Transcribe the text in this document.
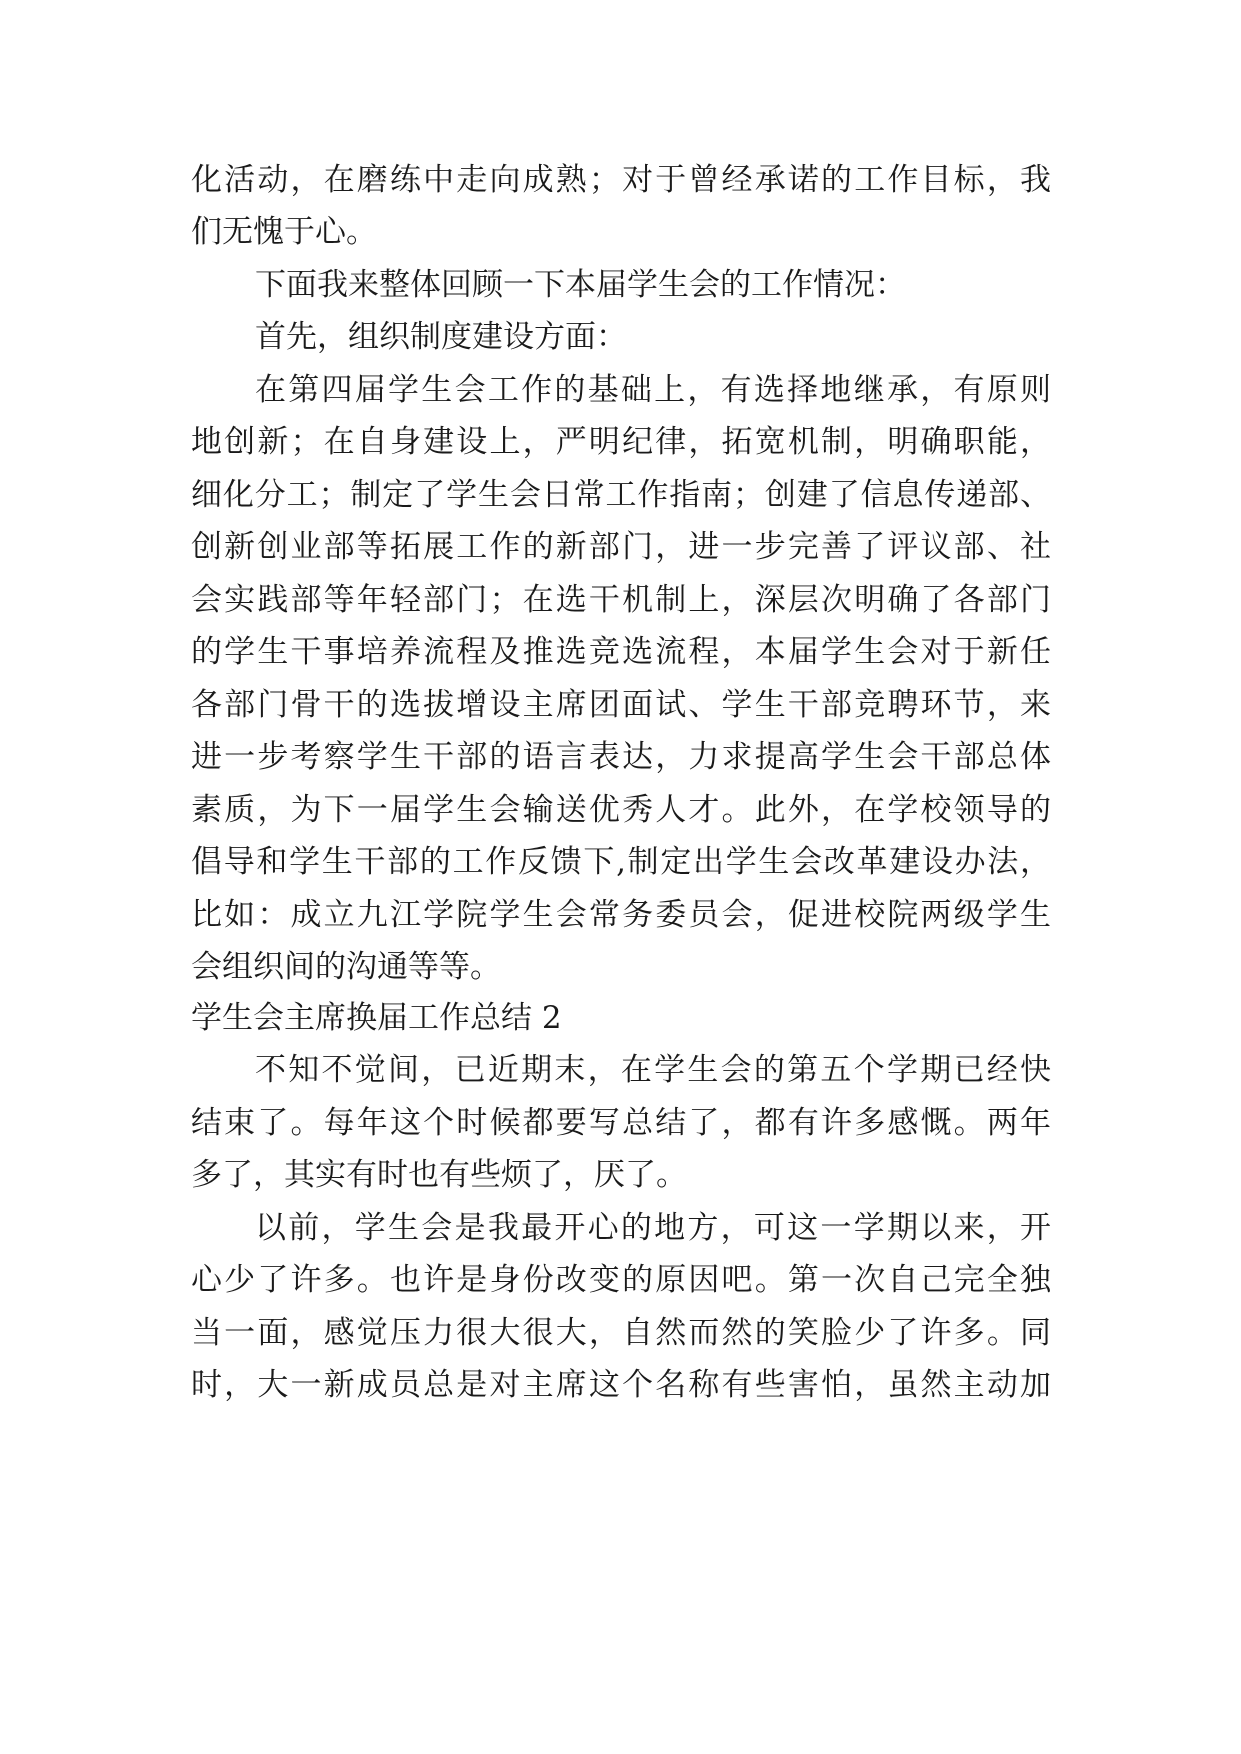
化活动，在磨练中走向成熟；对于曾经承诺的工作目标，我
们无愧于心。
下面我来整体回顾一下本届学生会的工作情况：
首先，组织制度建设方面：
在第四届学生会工作的基础上，有选择地继承，有原则
地创新；在自身建设上，严明纪律，拓宽机制，明确职能，
细化分工；制定了学生会日常工作指南；创建了信息传递部、
创新创业部等拓展工作的新部门，进一步完善了评议部、社
会实践部等年轻部门；在选干机制上，深层次明确了各部门
的学生干事培养流程及推选竞选流程，本届学生会对于新任
各部门骨干的选拔增设主席团面试、学生干部竞聘环节，来
进一步考察学生干部的语言表达，力求提高学生会干部总体
素质，为下一届学生会输送优秀人才。此外，在学校领导的
倡导和学生干部的工作反馈下,制定出学生会改革建设办法，
比如：成立九江学院学生会常务委员会，促进校院两级学生
会组织间的沟通等等。
学生会主席换届工作总结 2
不知不觉间，已近期末，在学生会的第五个学期已经快
结束了。每年这个时候都要写总结了，都有许多感慨。两年
多了，其实有时也有些烦了，厌了。
以前，学生会是我最开心的地方，可这一学期以来，开
心少了许多。也许是身份改变的原因吧。第一次自己完全独
当一面，感觉压力很大很大，自然而然的笑脸少了许多。同
时，大一新成员总是对主席这个名称有些害怕，虽然主动加
